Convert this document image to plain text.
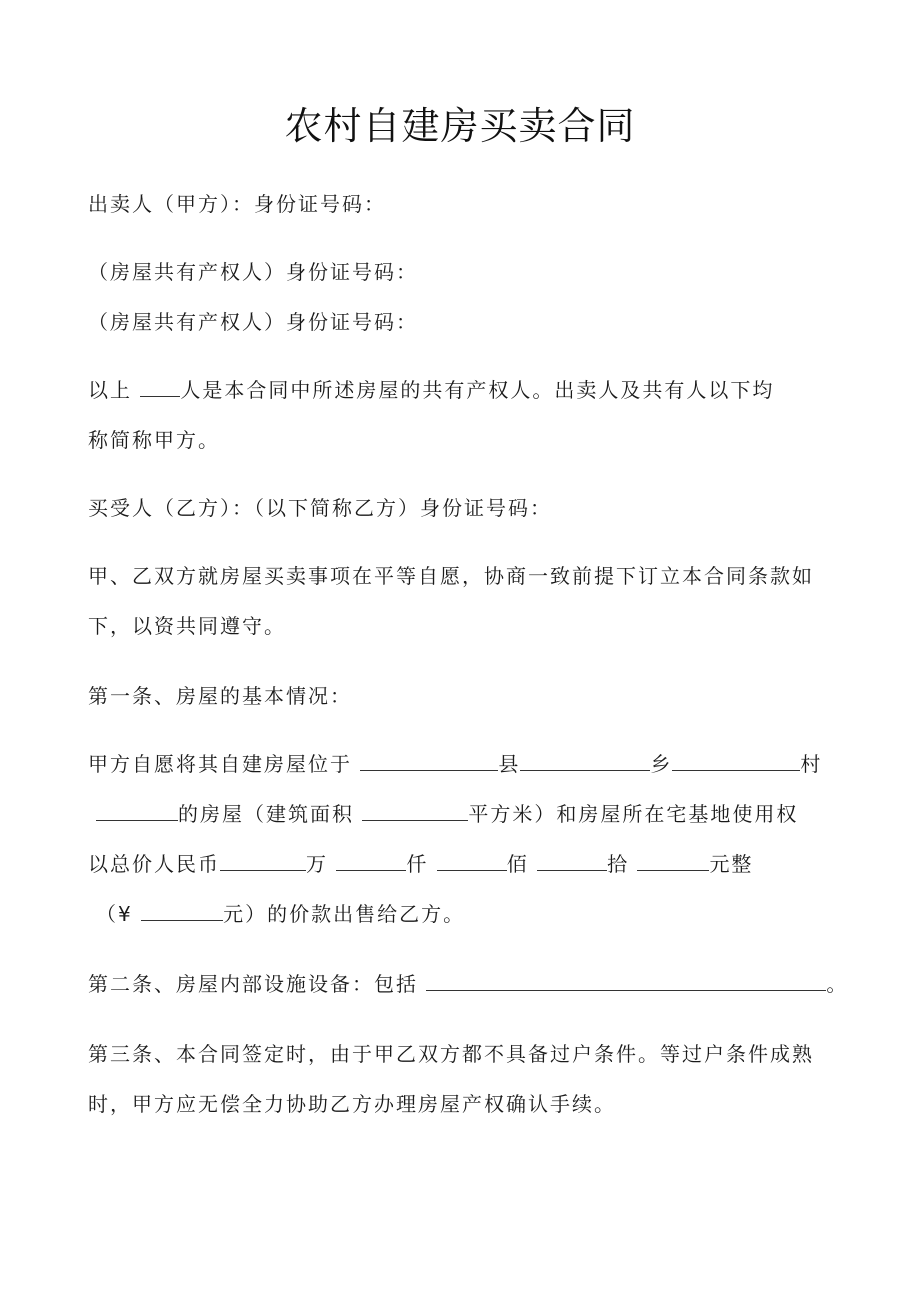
农村自建房买卖合同
出卖人（甲方）：身份证号码：
（房屋共有产权人）身份证号码：
（房屋共有产权人）身份证号码：
以上 人是本合同中所述房屋的共有产权人。出卖人及共有人以下均
称简称甲方。
买受人（乙方）：（以下简称乙方）身份证号码：
甲、乙双方就房屋买卖事项在平等自愿，协商一致前提下订立本合同条款如
下，以资共同遵守。
第一条、房屋的基本情况：
甲方自愿将其自建房屋位于	县	乡	村
的房屋（建筑面积	平方米）和房屋所在宅基地使用权
以总价人民币	万	仟	佰	拾	元整
（¥	元）的价款出售给乙方。
第二条、房屋内部设施设备：包括	。
第三条、本合同签定时，由于甲乙双方都不具备过户条件。等过户条件成熟
时，甲方应无偿全力协助乙方办理房屋产权确认手续。
